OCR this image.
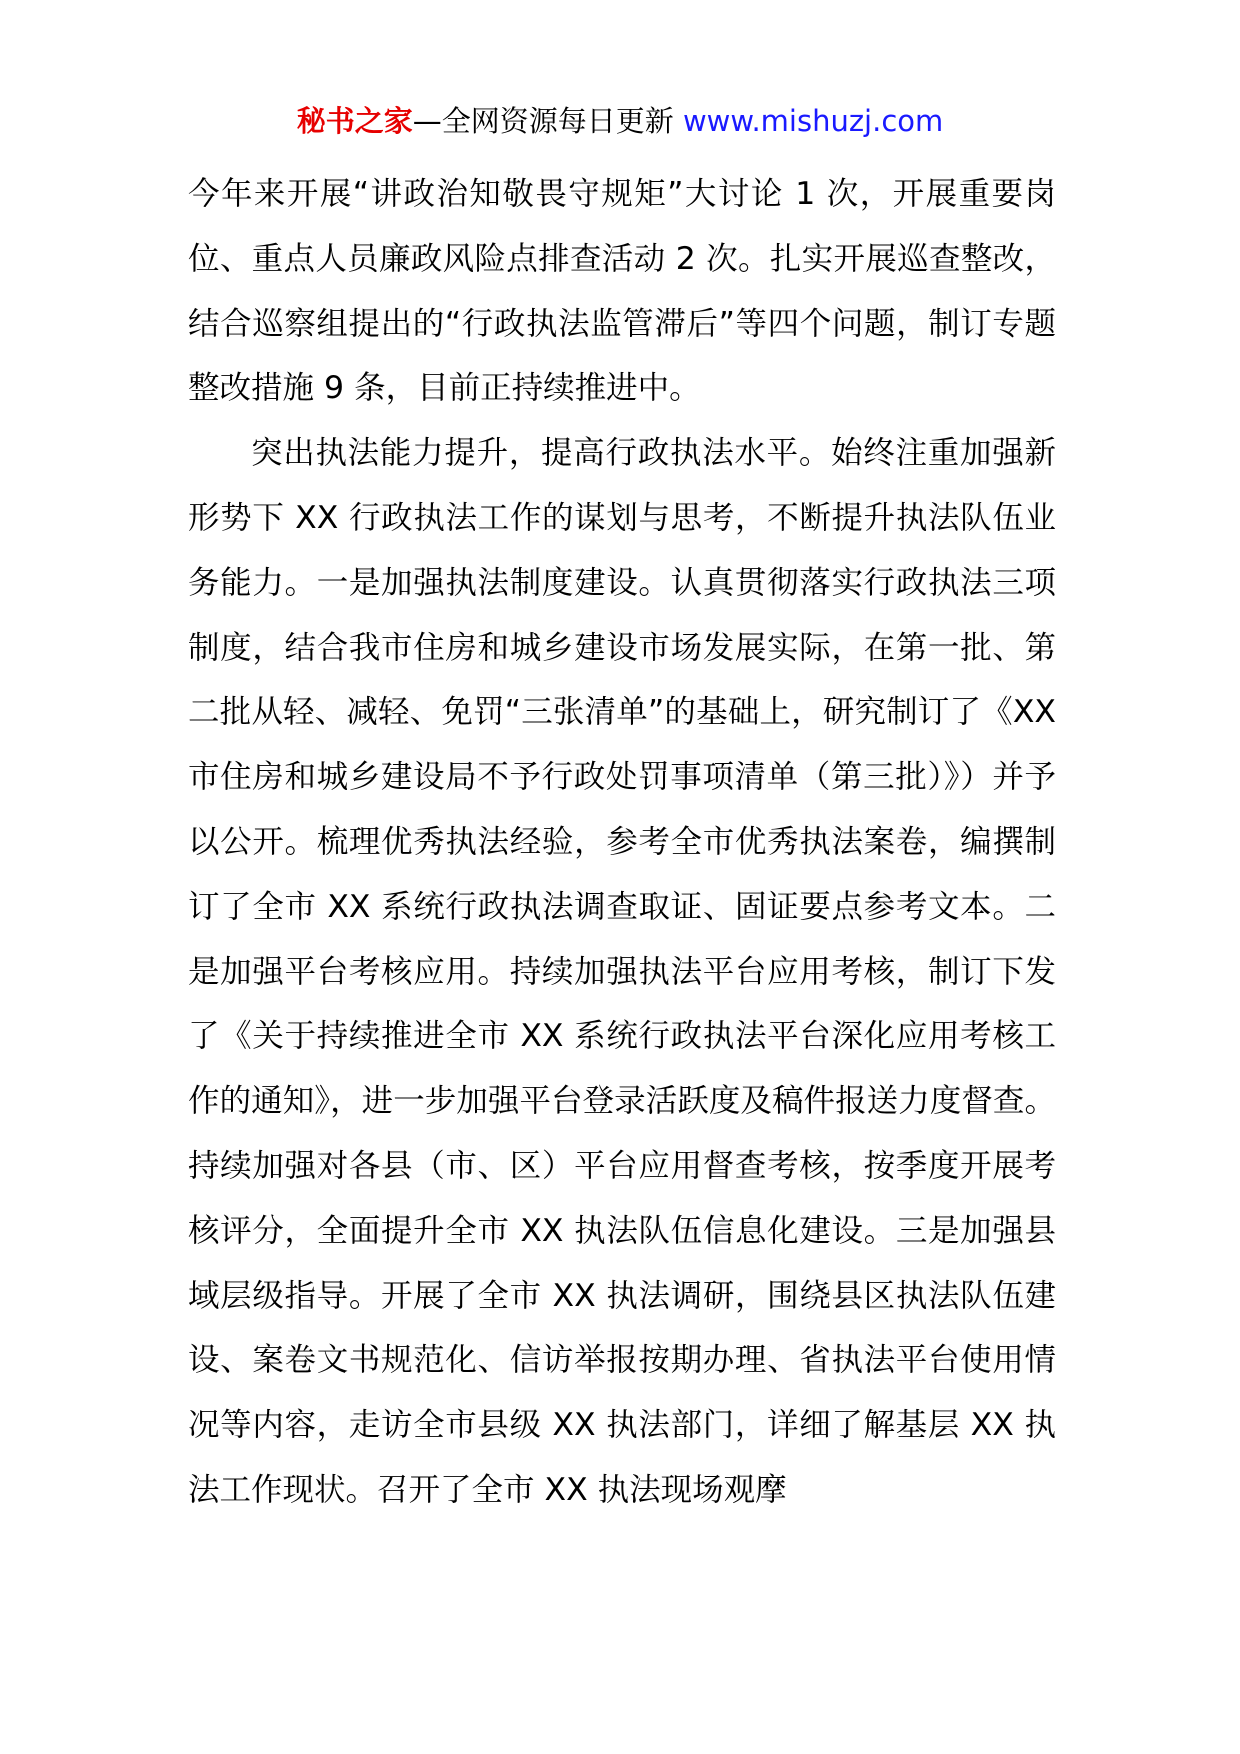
秘书之家—全网资源每日更新 www.mishuzj.com

今年来开展“讲政治知敬畏守规矩”大讨论 1 次，开展重要岗位、重点人员廉政风险点排查活动 2 次。扎实开展巡查整改，结合巡察组提出的“行政执法监管滞后”等四个问题，制订专题整改措施 9 条，目前正持续推进中。

突出执法能力提升，提高行政执法水平。始终注重加强新形势下 XX 行政执法工作的谋划与思考，不断提升执法队伍业务能力。一是加强执法制度建设。认真贯彻落实行政执法三项制度，结合我市住房和城乡建设市场发展实际，在第一批、第二批从轻、减轻、免罚“三张清单”的基础上，研究制订了《XX 市住房和城乡建设局不予行政处罚事项清单（第三批）》）并予以公开。梳理优秀执法经验，参考全市优秀执法案卷，编撰制订了全市 XX 系统行政执法调查取证、固证要点参考文本。二是加强平台考核应用。持续加强执法平台应用考核，制订下发了《关于持续推进全市 XX 系统行政执法平台深化应用考核工作的通知》，进一步加强平台登录活跃度及稿件报送力度督查。持续加强对各县（市、区）平台应用督查考核，按季度开展考核评分，全面提升全市 XX 执法队伍信息化建设。三是加强县域层级指导。开展了全市 XX 执法调研，围绕县区执法队伍建设、案卷文书规范化、信访举报按期办理、省执法平台使用情况等内容，走访全市县级 XX 执法部门，详细了解基层 XX 执法工作现状。召开了全市 XX 执法现场观摩
